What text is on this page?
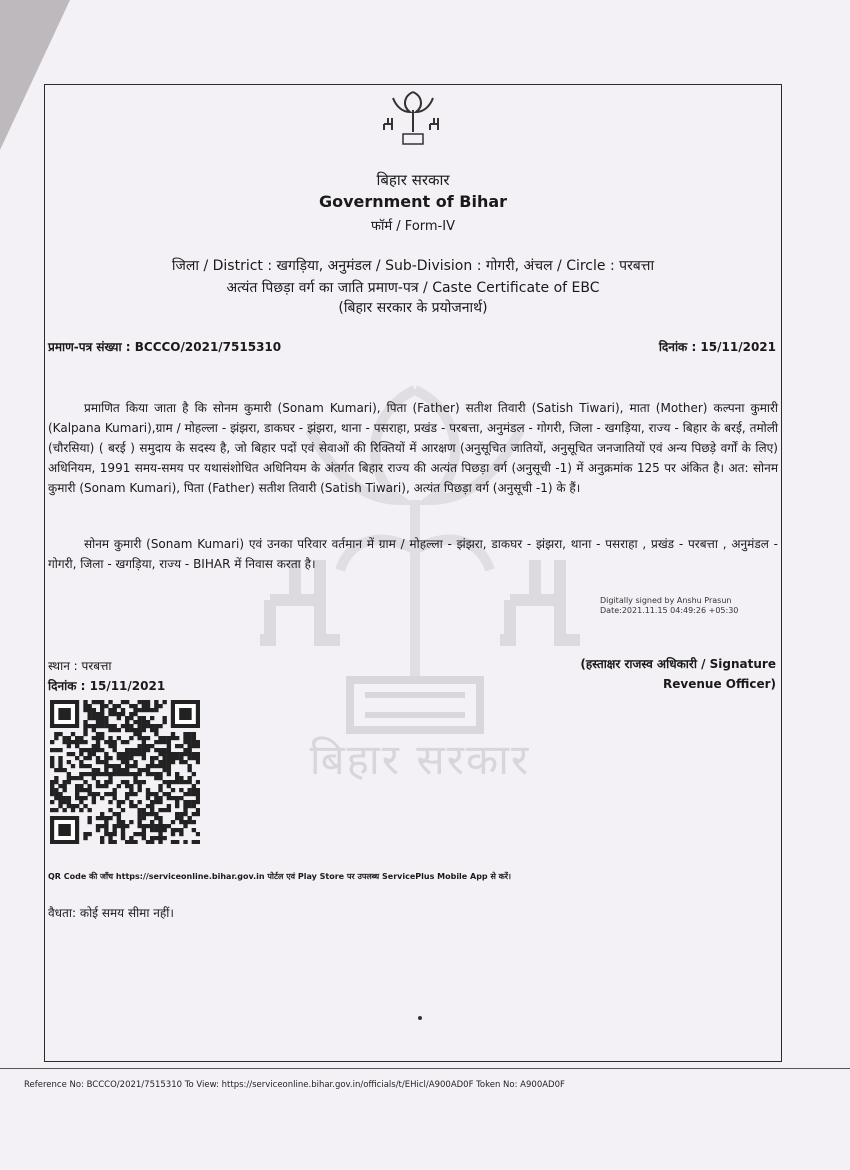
बिहार सरकार
बिहार सरकार
Government of Bihar
फॉर्म / Form-IV
जिला / District : खगड़िया, अनुमंडल / Sub-Division : गोगरी, अंचल / Circle : परबत्ता
अत्यंत पिछड़ा वर्ग का जाति प्रमाण-पत्र / Caste Certificate of EBC
(बिहार सरकार के प्रयोजनार्थ)
प्रमाण-पत्र संख्या : BCCCO/2021/7515310	दिनांक : 15/11/2021
प्रमाणित किया जाता है कि सोनम कुमारी (Sonam Kumari), पिता (Father) सतीश तिवारी (Satish Tiwari), माता (Mother) कल्पना कुमारी (Kalpana Kumari),ग्राम / मोहल्ला - झंझरा, डाकघर - झंझरा, थाना - पसराहा, प्रखंड - परबत्ता, अनुमंडल - गोगरी, जिला - खगड़िया, राज्य - बिहार के बरई, तमोली (चौरसिया) ( बरई ) समुदाय के सदस्य है, जो बिहार पदों एवं सेवाओं की रिक्तियों में आरक्षण (अनुसूचित जातियों, अनुसूचित जनजातियों एवं अन्य पिछड़े वर्गों के लिए) अधिनियम, 1991 समय-समय पर यथासंशोधित अधिनियम के अंतर्गत बिहार राज्य की अत्यंत पिछड़ा वर्ग (अनुसूची -1) में अनुक्रमांक 125 पर अंकित है। अत: सोनम कुमारी (Sonam Kumari), पिता (Father) सतीश तिवारी (Satish Tiwari), अत्यंत पिछड़ा वर्ग (अनुसूची -1) के हैं।
सोनम कुमारी (Sonam Kumari) एवं उनका परिवार वर्तमान में ग्राम / मोहल्ला - झंझरा, डाकघर - झंझरा, थाना - पसराहा , प्रखंड - परबत्ता , अनुमंडल - गोगरी, जिला - खगड़िया, राज्य - BIHAR में निवास करता है।
Digitally signed by Anshu Prasun
Date:2021.11.15 04:49:26 +05:30
स्थान : परबत्ता
दिनांक : 15/11/2021
(हस्ताक्षर राजस्व अधिकारी / Signature
Revenue Officer)
QR Code की जाँच https://serviceonline.bihar.gov.in पोर्टल एवं Play Store पर उपलब्ध ServicePlus Mobile App से करें।
वैधता: कोई समय सीमा नहीं।
Reference No: BCCCO/2021/7515310 To View: https://serviceonline.bihar.gov.in/officials/t/EHicl/A900AD0F Token No: A900AD0F
